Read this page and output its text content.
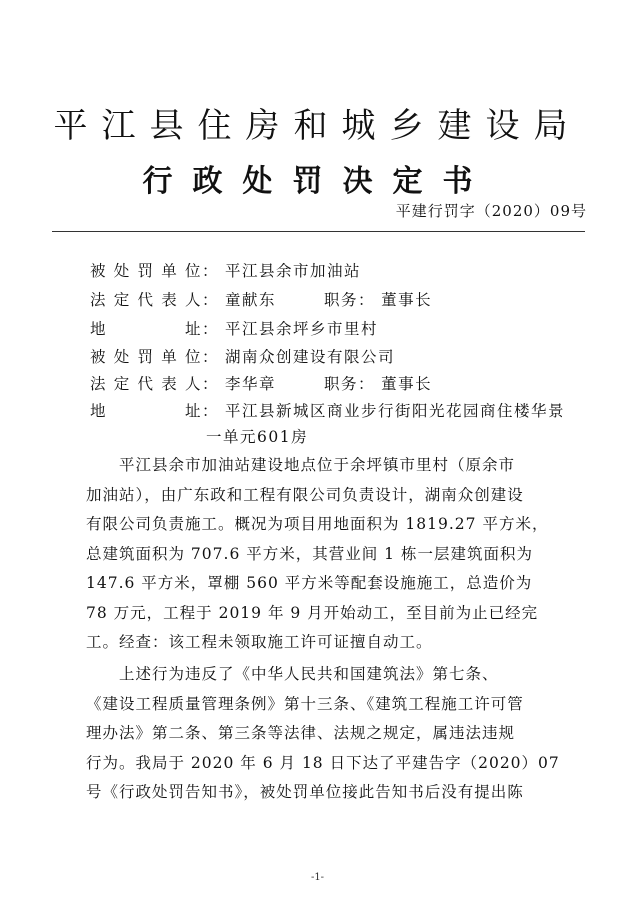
平江县住房和城乡建设局
行政处罚决定书
平建行罚字（2020）09号
被处罚单位： 平江县余市加油站
法定代表人： 童献东	职务： 董事长
地址： 平江县余坪乡市里村
被处罚单位： 湖南众创建设有限公司
法定代表人： 李华章	职务： 董事长
地址： 平江县新城区商业步行街阳光花园商住楼华景
一单元601房
　　平江县余市加油站建设地点位于余坪镇市里村（原余市
加油站），由广东政和工程有限公司负责设计，湖南众创建设
有限公司负责施工。概况为项目用地面积为 1819.27 平方米，
总建筑面积为 707.6 平方米，其营业间 1 栋一层建筑面积为
147.6 平方米，罩棚 560 平方米等配套设施施工，总造价为
78 万元，工程于 2019 年 9 月开始动工，至目前为止已经完
工。经查：该工程未领取施工许可证擅自动工。
　　上述行为违反了《中华人民共和国建筑法》第七条、
《建设工程质量管理条例》第十三条、《建筑工程施工许可管
理办法》第二条、第三条等法律、法规之规定，属违法违规
行为。我局于 2020 年 6 月 18 日下达了平建告字（2020）07
号《行政处罚告知书》，被处罚单位接此告知书后没有提出陈
-1-
